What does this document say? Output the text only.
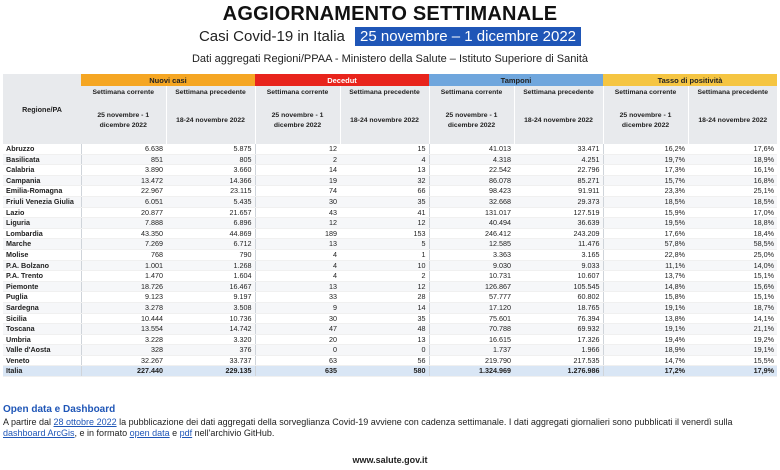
AGGIORNAMENTO SETTIMANALE
Casi Covid-19 in Italia 25 novembre – 1 dicembre 2022
Dati aggregati Regioni/PPAA - Ministero della Salute – Istituto Superiore di Sanità
Regione/PA	Nuovi casi		Decedut		Tamponi		Tasso di positività	
	Settimana corrente	Settimana precedente	Settimana corrente	Settimana precedente	Settimana corrente	Settimana precedente	Settimana corrente	Settimana precedente
	25 novembre - 1 dicembre 2022	18-24 novembre 2022	25 novembre - 1 dicembre 2022	18-24 novembre 2022	25 novembre - 1 dicembre 2022	18-24 novembre 2022	25 novembre - 1 dicembre 2022	18-24 novembre 2022
Abruzzo	6.638	5.875	12	15	41.013	33.471	16,2%	17,6%
Basilicata	851	805	2	4	4.318	4.251	19,7%	18,9%
Calabria	3.890	3.660	14	13	22.542	22.796	17,3%	16,1%
Campania	13.472	14.366	19	32	86.078	85.271	15,7%	16,8%
Emilia-Romagna	22.967	23.115	74	66	98.423	91.911	23,3%	25,1%
Friuli Venezia Giulia	6.051	5.435	30	35	32.668	29.373	18,5%	18,5%
Lazio	20.877	21.657	43	41	131.017	127.519	15,9%	17,0%
Liguria	7.888	6.896	12	12	40.494	36.639	19,5%	18,8%
Lombardia	43.350	44.869	189	153	246.412	243.209	17,6%	18,4%
Marche	7.269	6.712	13	5	12.585	11.476	57,8%	58,5%
Molise	768	790	4	1	3.363	3.165	22,8%	25,0%
P.A. Bolzano	1.001	1.268	4	10	9.030	9.033	11,1%	14,0%
P.A. Trento	1.470	1.604	4	2	10.731	10.607	13,7%	15,1%
Piemonte	18.726	16.467	13	12	126.867	105.545	14,8%	15,6%
Puglia	9.123	9.197	33	28	57.777	60.802	15,8%	15,1%
Sardegna	3.278	3.508	9	14	17.120	18.765	19,1%	18,7%
Sicilia	10.444	10.736	30	35	75.601	76.394	13,8%	14,1%
Toscana	13.554	14.742	47	48	70.788	69.932	19,1%	21,1%
Umbria	3.228	3.320	20	13	16.615	17.326	19,4%	19,2%
Valle d'Aosta	328	376	0	0	1.737	1.966	18,9%	19,1%
Veneto	32.267	33.737	63	56	219.790	217.535	14,7%	15,5%
Italia	227.440	229.135	635	580	1.324.969	1.276.986	17,2%	17,9%
Open data e Dashboard
A partire dal 28 ottobre 2022 la pubblicazione dei dati aggregati della sorveglianza Covid-19 avviene con cadenza settimanale. I dati aggregati giornalieri sono pubblicati il venerdì sulla dashboard ArcGis, e in formato open data e pdf nell'archivio GitHub.
www.salute.gov.it
